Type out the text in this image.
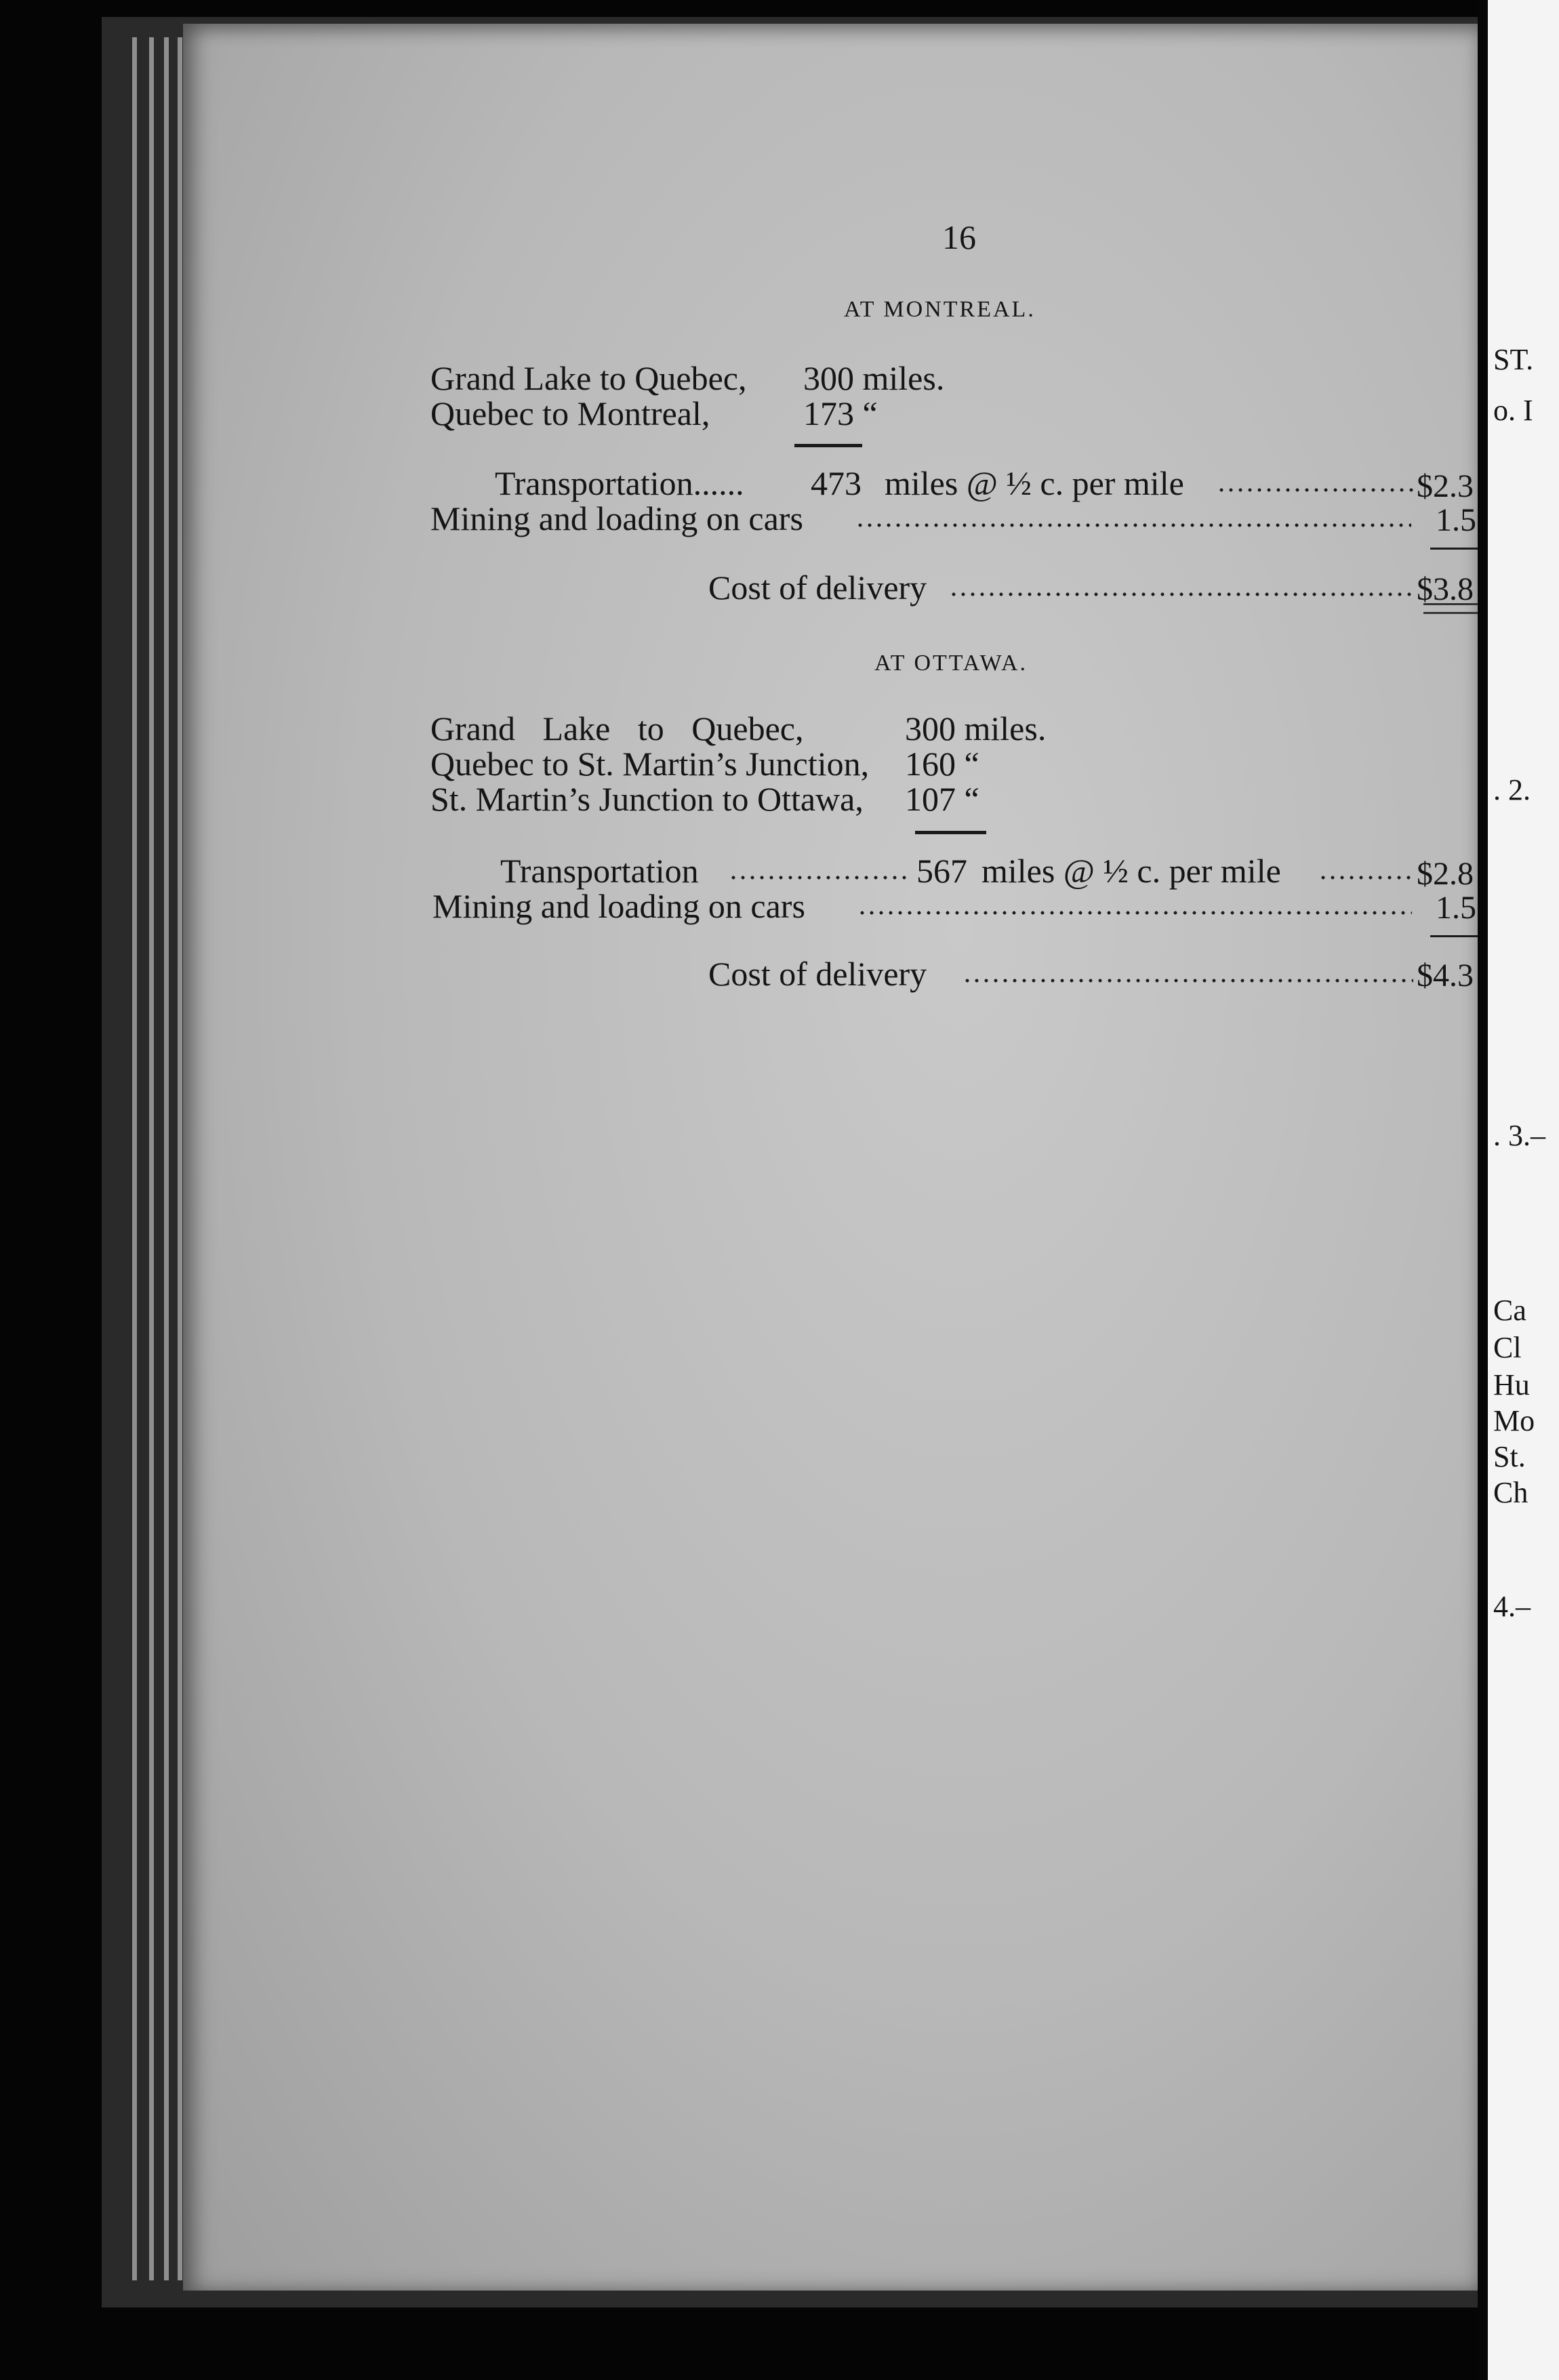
ST.
o. I
. 2.
. 3.–
Ca
Cl
Hu
Mo
St.
Ch
4.–
16
AT MONTREAL.
Grand Lake to Quebec, 300 miles.
Quebec to Montreal,	173 “
Transportation...... 473 miles @ ½ c. per mile	$2.3
Mining and loading on cars	1.5
Cost of delivery	$3.8
AT OTTAWA.
Grand Lake to Quebec,	300 miles.
Quebec to St. Martin’s Junction, 160 “
St. Martin’s Junction to Ottawa, 107 “
Transportation	567 miles @ ½ c. per mile	$2.8
Mining and loading on cars	1.5
Cost of delivery	$4.3
